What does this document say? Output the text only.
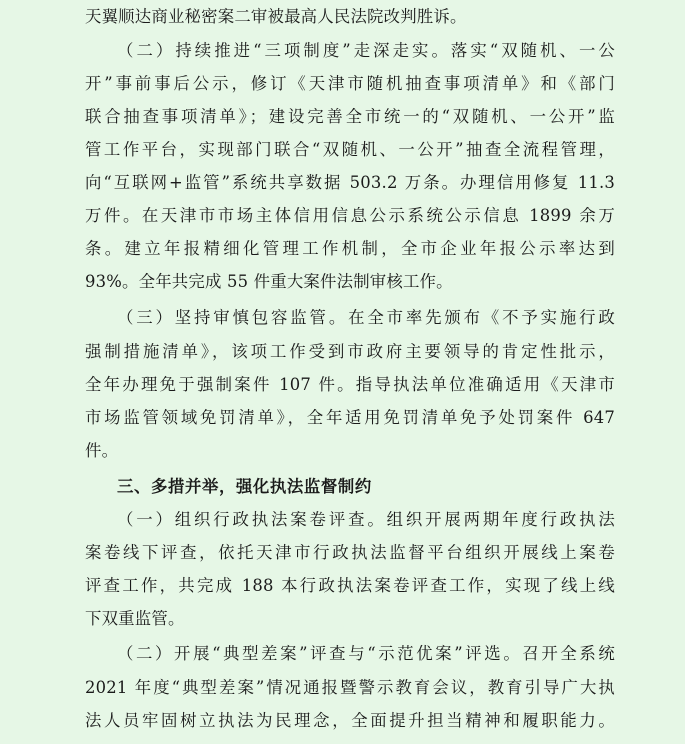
天翼顺达商业秘密案二审被最高人民法院改判胜诉。
（二）持续推进“三项制度”走深走实。落实“双随机、一公
开”事前事后公示，修订《天津市随机抽查事项清单》和《部门
联合抽查事项清单》；建设完善全市统一的“双随机、一公开”监
管工作平台，实现部门联合“双随机、一公开”抽查全流程管理，
向“互联网+监管”系统共享数据 503.2 万条。办理信用修复 11.3
万件。在天津市市场主体信用信息公示系统公示信息 1899 余万
条。建立年报精细化管理工作机制，全市企业年报公示率达到
93%。全年共完成 55 件重大案件法制审核工作。
（三）坚持审慎包容监管。在全市率先颁布《不予实施行政
强制措施清单》，该项工作受到市政府主要领导的肯定性批示，
全年办理免于强制案件 107 件。指导执法单位准确适用《天津市
市场监管领域免罚清单》，全年适用免罚清单免予处罚案件 647
件。
三、多措并举，强化执法监督制约
（一）组织行政执法案卷评查。组织开展两期年度行政执法
案卷线下评查，依托天津市行政执法监督平台组织开展线上案卷
评查工作，共完成 188 本行政执法案卷评查工作，实现了线上线
下双重监管。
（二）开展“典型差案”评查与“示范优案”评选。召开全系统
2021 年度“典型差案”情况通报暨警示教育会议，教育引导广大执
法人员牢固树立执法为民理念，全面提升担当精神和履职能力。
